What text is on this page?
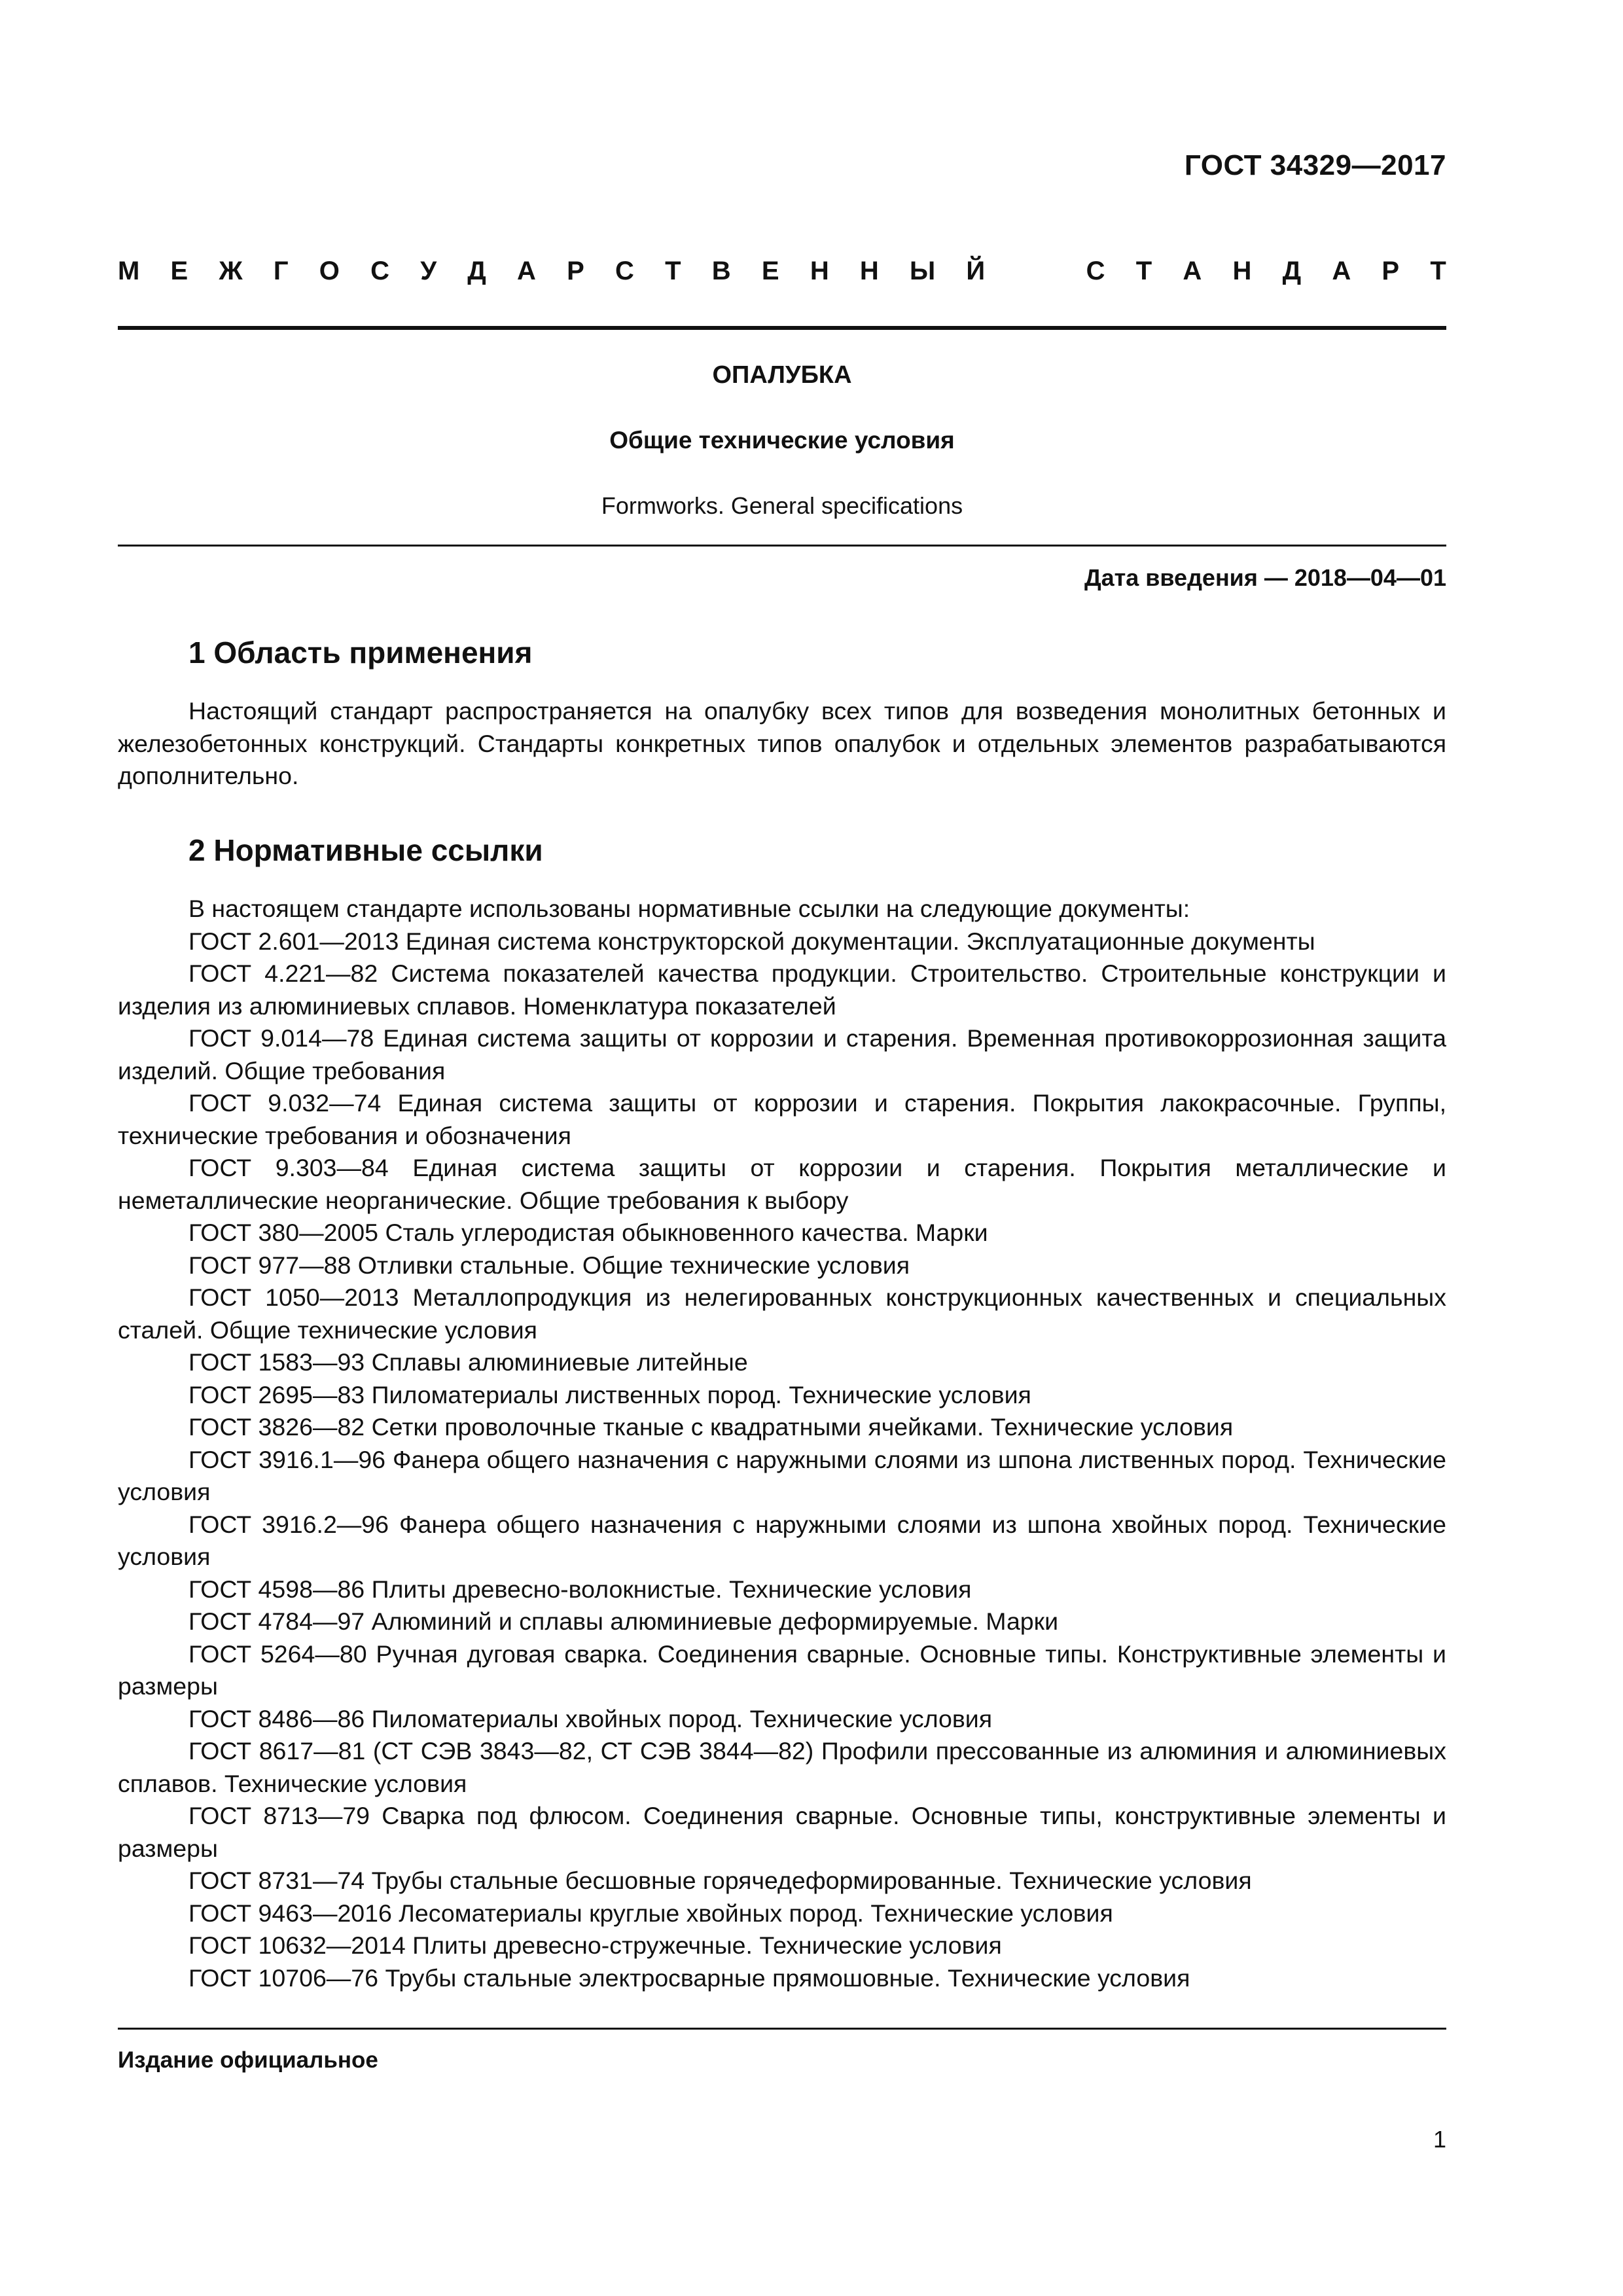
ГОСТ 34329—2017
М Е Ж Г О С У Д А Р С Т В Е Н Н Ы Й	С Т А Н Д А Р Т
ОПАЛУБКА
Общие технические условия
Formworks. General specifications
Дата введения — 2018—04—01
1 Область применения

Настоящий стандарт распространяется на опалубку всех типов для возведения монолитных бетонных и железобетонных конструкций. Стандарты конкретных типов опалубок и отдельных элементов разрабатываются дополнительно.

2 Нормативные ссылки

В настоящем стандарте использованы нормативные ссылки на следующие документы:

ГОСТ 2.601—2013 Единая система конструкторской документации. Эксплуатационные документы

ГОСТ 4.221—82 Система показателей качества продукции. Строительство. Строительные конструкции и изделия из алюминиевых сплавов. Номенклатура показателей

ГОСТ 9.014—78 Единая система защиты от коррозии и старения. Временная противокоррозионная защита изделий. Общие требования

ГОСТ 9.032—74 Единая система защиты от коррозии и старения. Покрытия лакокрасочные. Группы, технические требования и обозначения

ГОСТ 9.303—84 Единая система защиты от коррозии и старения. Покрытия металлические и неметаллические неорганические. Общие требования к выбору

ГОСТ 380—2005 Сталь углеродистая обыкновенного качества. Марки

ГОСТ 977—88 Отливки стальные. Общие технические условия

ГОСТ 1050—2013 Металлопродукция из нелегированных конструкционных качественных и специальных сталей. Общие технические условия

ГОСТ 1583—93 Сплавы алюминиевые литейные

ГОСТ 2695—83 Пиломатериалы лиственных пород. Технические условия

ГОСТ 3826—82 Сетки проволочные тканые с квадратными ячейками. Технические условия

ГОСТ 3916.1—96 Фанера общего назначения с наружными слоями из шпона лиственных пород. Технические условия

ГОСТ 3916.2—96 Фанера общего назначения с наружными слоями из шпона хвойных пород. Технические условия

ГОСТ 4598—86 Плиты древесно-волокнистые. Технические условия

ГОСТ 4784—97 Алюминий и сплавы алюминиевые деформируемые. Марки

ГОСТ 5264—80 Ручная дуговая сварка. Соединения сварные. Основные типы. Конструктивные элементы и размеры

ГОСТ 8486—86 Пиломатериалы хвойных пород. Технические условия

ГОСТ 8617—81 (СТ СЭВ 3843—82, СТ СЭВ 3844—82) Профили прессованные из алюминия и алюминиевых сплавов. Технические условия

ГОСТ 8713—79 Сварка под флюсом. Соединения сварные. Основные типы, конструктивные элементы и размеры

ГОСТ 8731—74 Трубы стальные бесшовные горячедеформированные. Технические условия

ГОСТ 9463—2016 Лесоматериалы круглые хвойных пород. Технические условия

ГОСТ 10632—2014 Плиты древесно-стружечные. Технические условия

ГОСТ 10706—76 Трубы стальные электросварные прямошовные. Технические условия

Издание официальное
1
